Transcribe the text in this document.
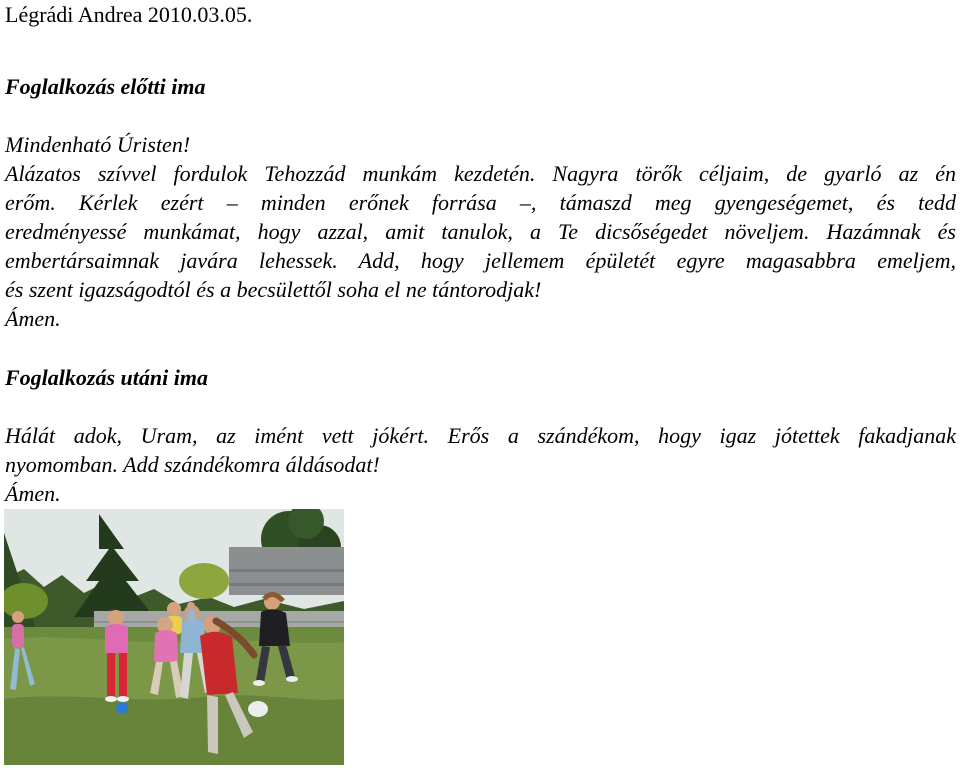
Légrádi Andrea 2010.03.05.

Foglalkozás előtti ima

Mindenható Úristen!

Alázatos szívvel fordulok Tehozzád munkám kezdetén. Nagyra törők céljaim, de gyarló az én

erőm. Kérlek ezért – minden erőnek forrása –, támaszd meg gyengeségemet, és tedd

eredményessé munkámat, hogy azzal, amit tanulok, a Te dicsőségedet növeljem. Hazámnak és

embertársaimnak javára lehessek. Add, hogy jellemem épületét egyre magasabbra emeljem,

és szent igazságodtól és a becsülettől soha el ne tántorodjak!

Ámen.

Foglalkozás utáni ima

Hálát adok, Uram, az imént vett jókért. Erős a szándékom, hogy igaz jótettek fakadjanak

nyomomban. Add szándékomra áldásodat!

Ámen.
